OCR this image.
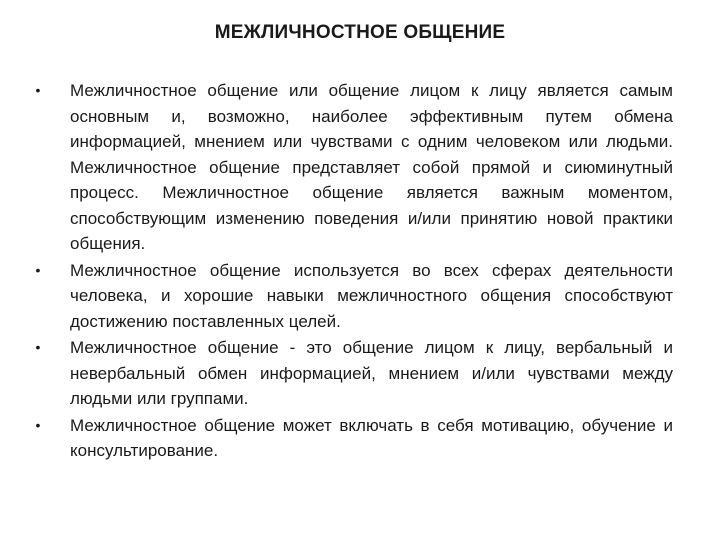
МЕЖЛИЧНОСТНОЕ ОБЩЕНИЕ
•	Межличностное общение или общение лицом к лицу является самым основным и, возможно, наиболее эффективным путем обмена информацией, мнением или чувствами с одним человеком или людьми. Межличностное общение представляет собой прямой и сиюминутный процесс. Межличностное общение является важным моментом, способствующим изменению поведения и/или принятию новой практики общения.
•	Межличностное общение используется во всех сферах деятельности человека, и хорошие навыки межличностного общения способствуют достижению поставленных целей.
•	Межличностное общение - это общение лицом к лицу, вербальный и невербальный обмен информацией, мнением и/или чувствами между людьми или группами.
•	Межличностное общение может включать в себя мотивацию, обучение и консультирование.
